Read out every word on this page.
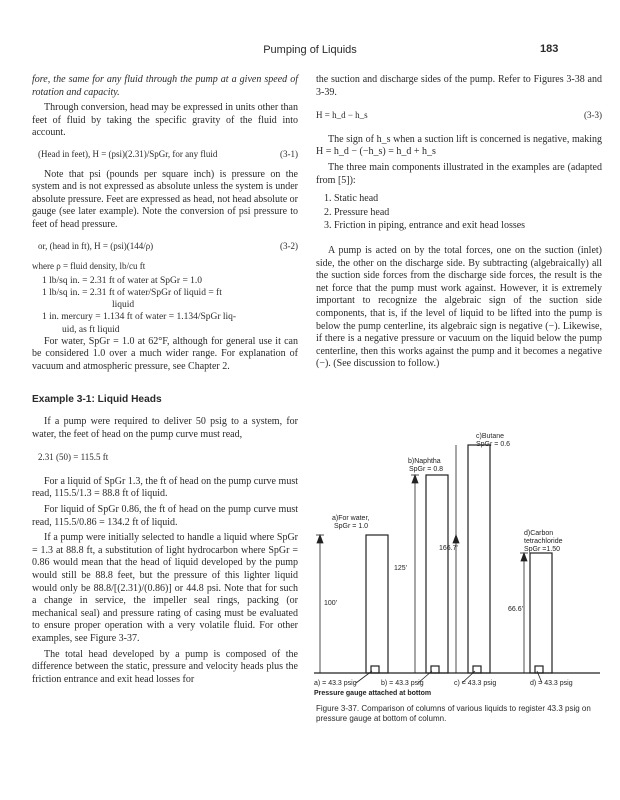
Pumping of Liquids	183

fore, the same for any fluid through the pump at a given speed of rotation and capacity.

Through conversion, head may be expressed in units other than feet of fluid by taking the specific gravity of the fluid into account.

(Head in feet), H = (psi)(2.31)/SpGr, for any fluid	(3-1)

Note that psi (pounds per square inch) is pressure on the system and is not expressed as absolute unless the system is under absolute pressure. Feet are expressed as head, not head absolute or gauge (see later example). Note the conversion of psi pressure to feet of head pressure.

or, (head in ft), H = (psi)(144/ρ)	(3-2)
where ρ = fluid density, lb/cu ft
1 lb/sq in. = 2.31 ft of water at SpGr = 1.0
1 lb/sq in. = 2.31 ft of water/SpGr of liquid = ft
liquid
1 in. mercury = 1.134 ft of water = 1.134/SpGr liq-
uid, as ft liquid

For water, SpGr = 1.0 at 62°F, although for general use it can be considered 1.0 over a much wider range. For explanation of vacuum and atmospheric pressure, see Chapter 2.

Example 3-1: Liquid Heads

If a pump were required to deliver 50 psig to a system, for water, the feet of head on the pump curve must read,

2.31 (50) = 115.5 ft

For a liquid of SpGr 1.3, the ft of head on the pump curve must read, 115.5/1.3 = 88.8 ft of liquid.

For liquid of SpGr 0.86, the ft of head on the pump curve must read, 115.5/0.86 = 134.2 ft of liquid.

If a pump were initially selected to handle a liquid where SpGr = 1.3 at 88.8 ft, a substitution of light hydrocarbon where SpGr = 0.86 would mean that the head of liquid developed by the pump would still be 88.8 feet, but the pressure of this lighter liquid would only be 88.8/[(2.31)/(0.86)] or 44.8 psi. Note that for such a change in service, the impeller seal rings, packing (or mechanical seal) and pressure rating of casing must be evaluated to ensure proper operation with a very volatile fluid. For other examples, see Figure 3-37.

The total head developed by a pump is composed of the difference between the static, pressure and velocity heads plus the friction entrance and exit head losses for

the suction and discharge sides of the pump. Refer to Figures 3-38 and 3-39.

H = h_d − h_s	(3-3)

The sign of h_s when a suction lift is concerned is negative, making H = h_d − (−h_s) = h_d + h_s

The three main components illustrated in the examples are (adapted from [5]):

1. Static head
2. Pressure head
3. Friction in piping, entrance and exit head losses

A pump is acted on by the total forces, one on the suction (inlet) side, the other on the discharge side. By subtracting (algebraically) all the suction side forces from the discharge side forces, the result is the net force that the pump must work against. However, it is extremely important to recognize the algebraic sign of the suction side components, that is, if the level of liquid to be lifted into the pump is below the pump centerline, its algebraic sign is negative (−). Likewise, if there is a negative pressure or vacuum on the liquid below the pump centerline, then this works against the pump and it becomes a negative (−). (See discussion to follow.)

a)For water,
SpGr = 1.0
b)Naphtha
SpGr = 0.8
d)Carbon
tetrachloride
SpGr =1.50
100'
125'
166.7'
66.6'
a) = 43.3 psig	b) = 43.3 psig	c) = 43.3 psig	d) = 43.3 psig
Pressure gauge attached at bottom
c)Butane
SpGr = 0.6
Figure 3-37. Comparison of columns of various liquids to register 43.3 psig on pressure gauge at bottom of column.
